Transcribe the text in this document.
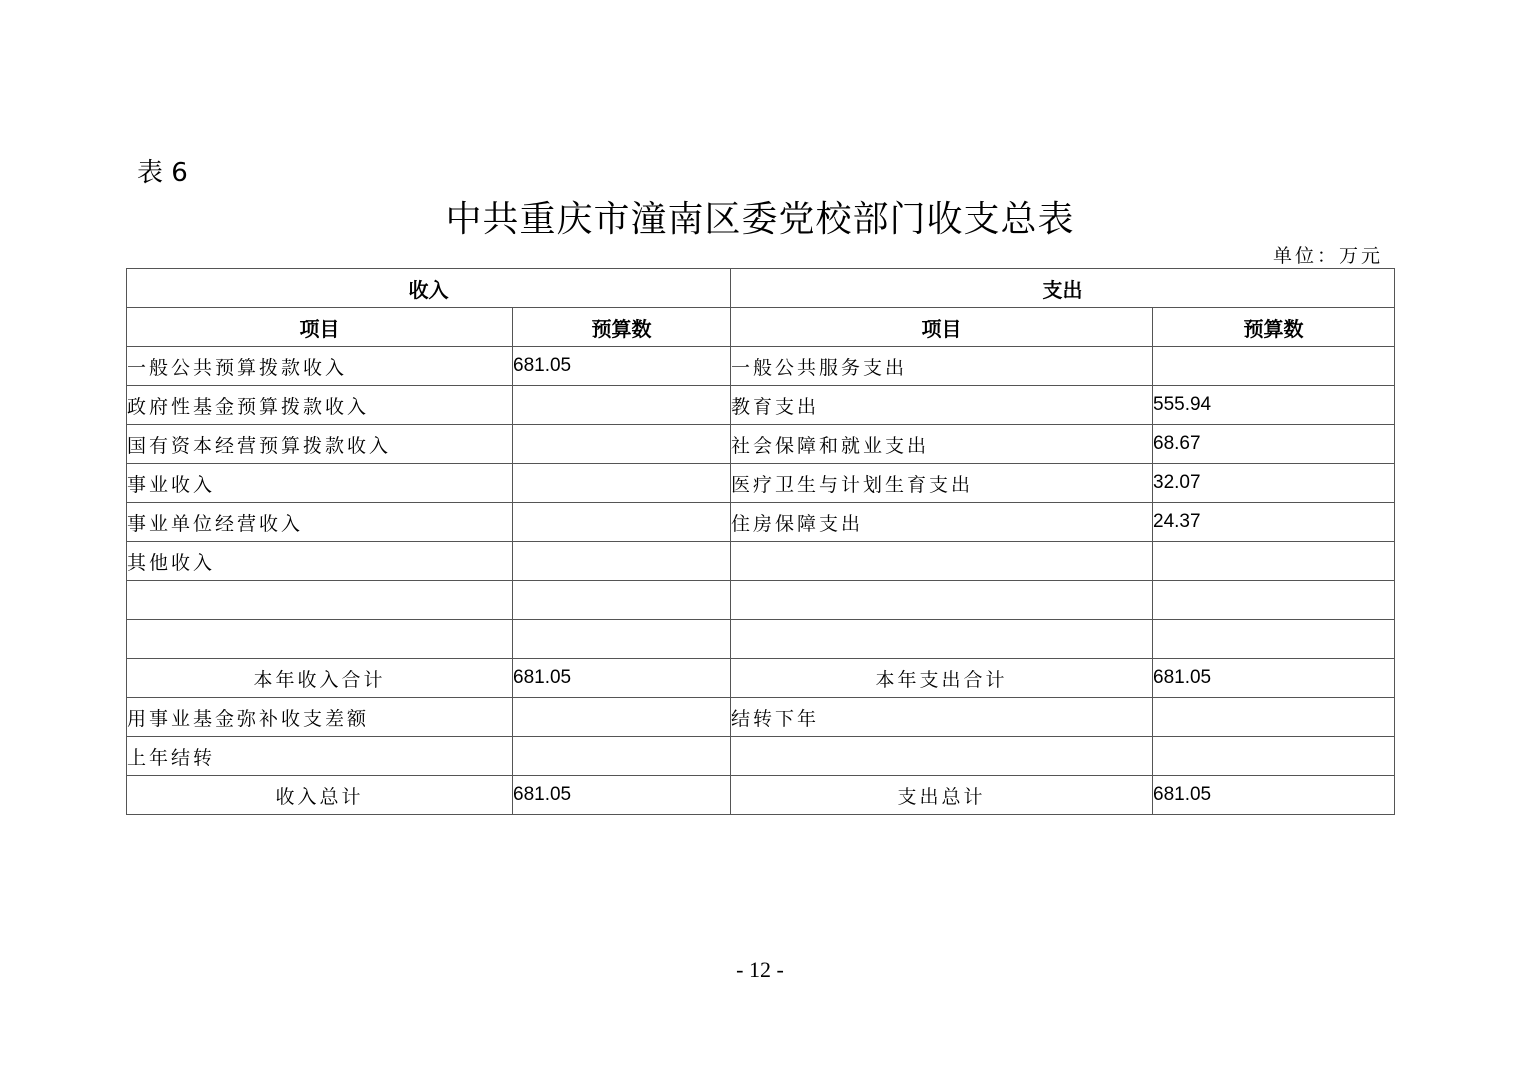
表 6
中共重庆市潼南区委党校部门收支总表
单位：万元
收入		支出	
项目	预算数	项目	预算数
一般公共预算拨款收入	681.05	一般公共服务支出	
政府性基金预算拨款收入		教育支出	555.94
国有资本经营预算拨款收入		社会保障和就业支出	68.67
事业收入		医疗卫生与计划生育支出	32.07
事业单位经营收入		住房保障支出	24.37
其他收入			

本年收入合计	681.05	本年支出合计	681.05
用事业基金弥补收支差额		结转下年	
上年结转			
收入总计	681.05	支出总计	681.05
- 12 -
